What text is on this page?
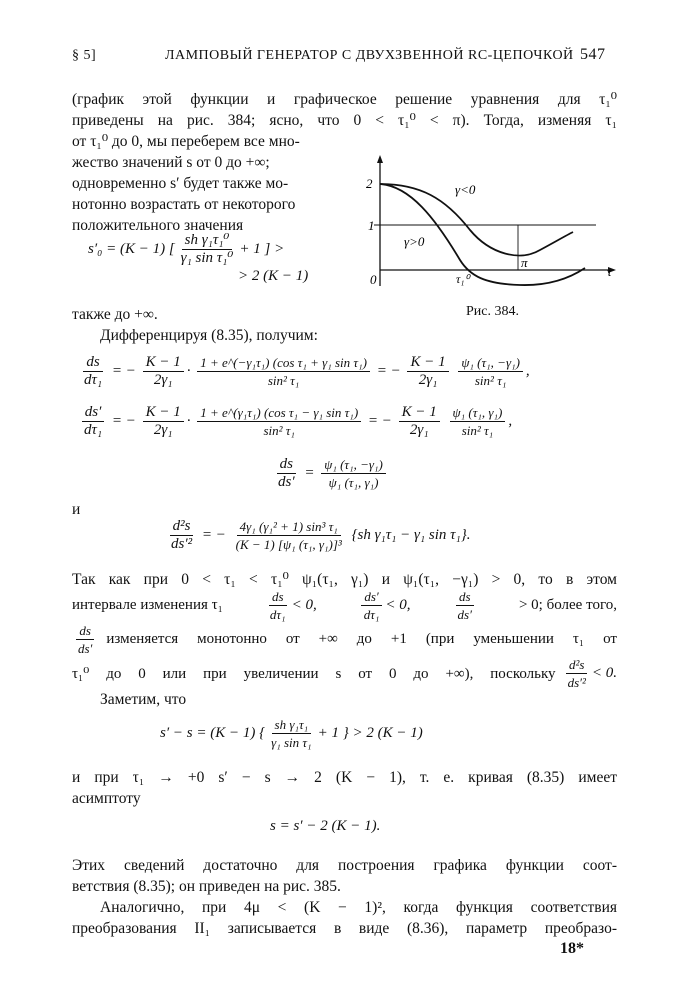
§ 5]	ЛАМПОВЫЙ ГЕНЕРАТОР С ДВУХЗВЕННОЙ RC-ЦЕПОЧКОЙ 547
(график этой функции и графическое решение уравнения для τ₁⁰
приведены на рис. 384; ясно, что 0 < τ₁⁰ < π). Тогда, изменяя τ₁
от τ₁⁰ до 0, мы переберем все мно-
жество значений s от 0 до +∞;
одновременно s′ будет также мо-
нотонно возрастать от некоторого
положительного значения
s′₀ = (K − 1) [ $\frac{\text{sh γ₁τ₁⁰}}{\text{γ₁ sin τ₁⁰}} + 1$ ] >
> 2 (K − 1)
2
1
0
π
τ
τ₁⁰
γ<0
γ>0
Рис. 384.
также до +∞.
Дифференцируя (8.35), получим:
$\frac{ds}{\text{dτ₁}}$ = − $\frac{K - 1}{\text{2γ₁}} \cdot \frac{\text{1 + e\textasciicircum{}(−γ₁τ₁) (cos τ₁ + γ₁ sin τ₁)}}{\text{sin² τ₁}}$ = − $\frac{K - 1}{\text{2γ₁}}$
$\frac{\text{ψ₁ (τ₁, −γ₁)}}{\text{sin² τ₁}}$ ,
$\frac{ds'}{\text{dτ₁}}$ = − $\frac{K - 1}{\text{2γ₁}} \cdot \frac{\text{1 + e\textasciicircum{}(γ₁τ₁) (cos τ₁ − γ₁ sin τ₁)}}{\text{sin² τ₁}}$ = − $\frac{K - 1}{\text{2γ₁}}$
$\frac{\text{ψ₁ (τ₁, γ₁)}}{\text{sin² τ₁}}$ ,
$\frac{ds}{ds'} = \frac{\text{ψ₁ (τ₁, −γ₁)}}{\text{ψ₁ (τ₁, γ₁)}}$
и
$\frac{\text{d²s}}{\text{ds′²}}$ = − $\frac{\text{4γ₁ (γ₁² + 1) sin³ τ₁}}{\text{(K − 1) [ψ₁ (τ₁, γ₁)]³}} \{sh$ γ₁τ₁ − γ₁ sin τ₁}.
Так как при 0 < τ₁ < τ₁⁰ ψ₁(τ₁, γ₁) и ψ₁(τ₁, −γ₁) > 0, то в этом
интервале изменения τ₁	$\frac{ds}{\text{dτ₁}} < 0$,	$\frac{ds'}{\text{dτ₁}} < 0$,	$\frac{ds}{ds'}$	> 0; более того,
$\frac{ds}{ds'}$ изменяется монотонно от +∞ до +1 (при уменьшении τ₁ от
τ₁⁰ до 0 или при увеличении s от 0 до +∞), поскольку $\frac{\text{d²s}}{\text{ds′²}} < 0$.
Заметим, что
s′ − s = (K − 1) { $\frac{\text{sh γ₁τ₁}}{\text{γ₁ sin τ₁}} + 1$ } > 2 (K − 1)
и при τ₁ → +0 s′ − s → 2 (K − 1), т. е. кривая (8.35) имеет
асимптоту
s = s′ − 2 (K − 1).
Этих сведений достаточно для построения графика функции соот-
ветствия (8.35); он приведен на рис. 385.
Аналогично, при 4μ < (K − 1)², когда функция соответствия
преобразования II₁ записывается в виде (8.36), параметр преобразо-
18*
